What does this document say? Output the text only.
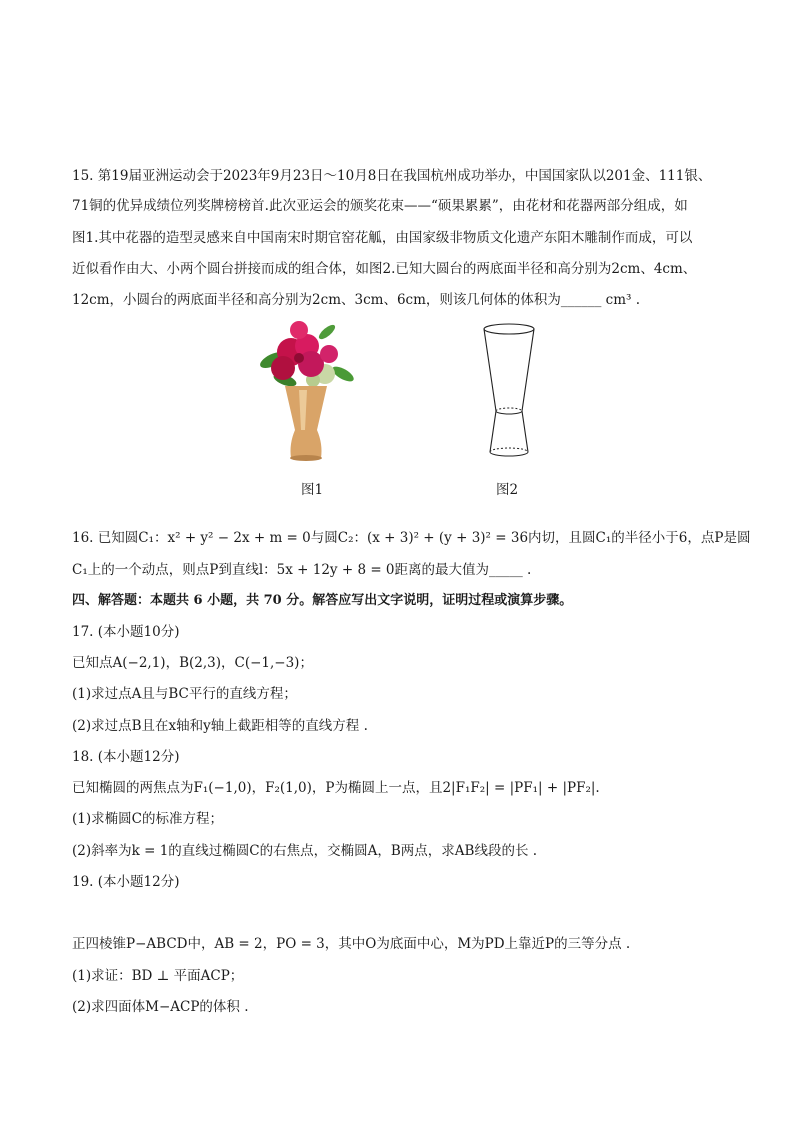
15. 第19届亚洲运动会于2023年9月23日～10月8日在我国杭州成功举办，中国国家队以201金、111银、
71铜的优异成绩位列奖牌榜榜首.此次亚运会的颁奖花束——“硕果累累”，由花材和花器两部分组成，如
图1.其中花器的造型灵感来自中国南宋时期官窑花觚，由国家级非物质文化遗产东阳木雕制作而成，可以
近似看作由大、小两个圆台拼接而成的组合体，如图2.已知大圆台的两底面半径和高分别为2cm、4cm、
12cm，小圆台的两底面半径和高分别为2cm、3cm、6cm，则该几何体的体积为______ cm³ .
图1	图2
16. 已知圆C₁：x² + y² − 2x + m = 0与圆C₂：(x + 3)² + (y + 3)² = 36内切，且圆C₁的半径小于6，点P是圆
C₁上的一个动点，则点P到直线l：5x + 12y + 8 = 0距离的最大值为_____ .
四、解答题：本题共 6 小题，共 70 分。解答应写出文字说明，证明过程或演算步骤。
17. (本小题10分)
已知点A(−2,1)，B(2,3)，C(−1,−3)；
(1)求过点A且与BC平行的直线方程；
(2)求过点B且在x轴和y轴上截距相等的直线方程 .
18. (本小题12分)
已知椭圆的两焦点为F₁(−1,0)，F₂(1,0)，P为椭圆上一点，且2|F₁F₂| = |PF₁| + |PF₂|.
(1)求椭圆C的标准方程；
(2)斜率为k = 1的直线过椭圆C的右焦点，交椭圆A，B两点，求AB线段的长 .
19. (本小题12分)
正四棱锥P−ABCD中，AB = 2，PO = 3，其中O为底面中心，M为PD上靠近P的三等分点 .
(1)求证：BD ⊥ 平面ACP；
(2)求四面体M−ACP的体积 .
